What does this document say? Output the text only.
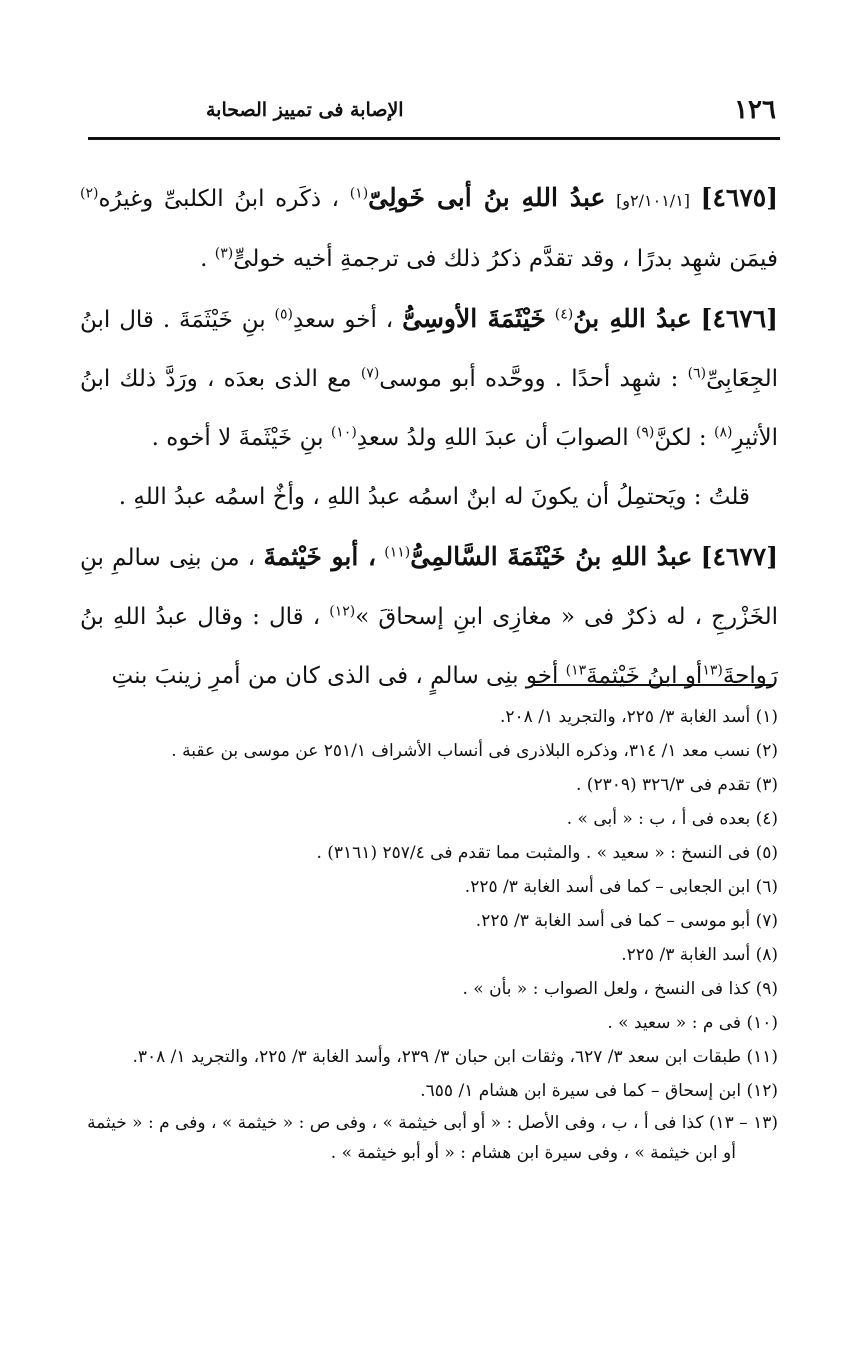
١٢٦
الإصابة فى تمييز الصحابة

[٤٦٧٥] [٢/١٠١/١و] عبدُ اللهِ بنُ أبى خَولِىّ$^{(١)}$ ، ذكَره ابنُ الكلبىِّ وغيرُه$^{(٢)}$ فيمَن شهِد بدرًا ، وقد تقدَّم ذكرُ ذلك فى ترجمةِ أخيه خولىٍّ$^{(٣)}$ .

[٤٦٧٦] عبدُ اللهِ بنُ$^{(٤)}$ خَيْثَمَةَ الأوسِىُّ ، أخو سعدِ$^{(٥)}$ بنِ خَيْثَمَةَ . قال ابنُ الجِعَابِىِّ$^{(٦)}$ : شهِد أحدًا . ووحَّده أبو موسى$^{(٧)}$ مع الذى بعدَه ، ورَدَّ ذلك ابنُ الأثيرِ$^{(٨)}$ : لكنَّ$^{(٩)}$ الصوابَ أن عبدَ اللهِ ولدُ سعدِ$^{(١٠)}$ بنِ خَيْثَمةَ لا أخوه .

قلتُ : ويَحتمِلُ أن يكونَ له ابنٌ اسمُه عبدُ اللهِ ، وأخٌ اسمُه عبدُ اللهِ .

[٤٦٧٧] عبدُ اللهِ بنُ خَيْثَمَةَ السَّالمِىُّ$^{(١١)}$ ، أبو خَيْثمةَ ، من بنِى سالمِ بنِ الخَزْرجِ ، له ذكرٌ فى « مغازِى ابنِ إسحاقَ »$^{(١٢)}$ ، قال : وقال عبدُ اللهِ بنُ رَواحةَ$^{(١٣}$أو ابنُ خَيْثمةَ$^{١٣)}$ أخو بنِى سالمٍ ، فى الذى كان من أمرِ زينبَ بنتِ

(١) أسد الغابة ٣/ ٢٢٥، والتجريد ١/ ٢٠٨.

(٢) نسب معد ١/ ٣١٤، وذكره البلاذرى فى أنساب الأشراف ٢٥١/١ عن موسى بن عقبة .

(٣) تقدم فى ٣٢٦/٣ (٢٣٠٩) .

(٤) بعده فى أ ، ب : « أبى » .

(٥) فى النسخ : « سعيد » . والمثبت مما تقدم فى ٢٥٧/٤ (٣١٦١) .

(٦) ابن الجعابى – كما فى أسد الغابة ٣/ ٢٢٥.

(٧) أبو موسى – كما فى أسد الغابة ٣/ ٢٢٥.

(٨) أسد الغابة ٣/ ٢٢٥.

(٩) كذا فى النسخ ، ولعل الصواب : « بأن » .

(١٠) فى م : « سعيد » .

(١١) طبقات ابن سعد ٣/ ٦٢٧، وثقات ابن حبان ٣/ ٢٣٩، وأسد الغابة ٣/ ٢٢٥، والتجريد ١/ ٣٠٨.

(١٢) ابن إسحاق – كما فى سيرة ابن هشام ١/ ٦٥٥.

(١٣ – ١٣) كذا فى أ ، ب ، وفى الأصل : « أو أبى خيثمة » ، وفى ص : « خيثمة » ، وفى م : « خيثمة أو ابن خيثمة » ، وفى سيرة ابن هشام : « أو أبو خيثمة » .
